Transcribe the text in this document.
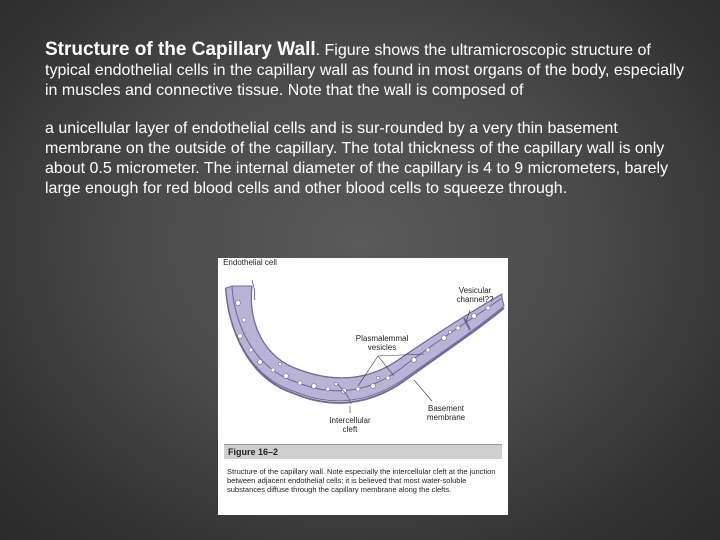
Structure of the Capillary Wall. Figure shows the ultramicroscopic structure of typical endothelial cells in the capillary wall as found in most organs of the body, especially in muscles and connective tissue. Note that the wall is composed of
a unicellular layer of endothelial cells and is sur-rounded by a very thin basement membrane on the outside of the capillary. The total thickness of the capillary wall is only about 0.5 micrometer. The internal diameter of the capillary is 4 to 9 micrometers, barely large enough for red blood cells and other blood cells to squeeze through.
Endothelial cell
Vesicular channel??
Plasmalemmal vesicles
Intercellular cleft
Basement membrane
Figure 16–2
Structure of the capillary wall. Note especially the intercellular cleft at the junction between adjacent endothelial cells; it is believed that most water-soluble substances diffuse through the capillary membrane along the clefts.
